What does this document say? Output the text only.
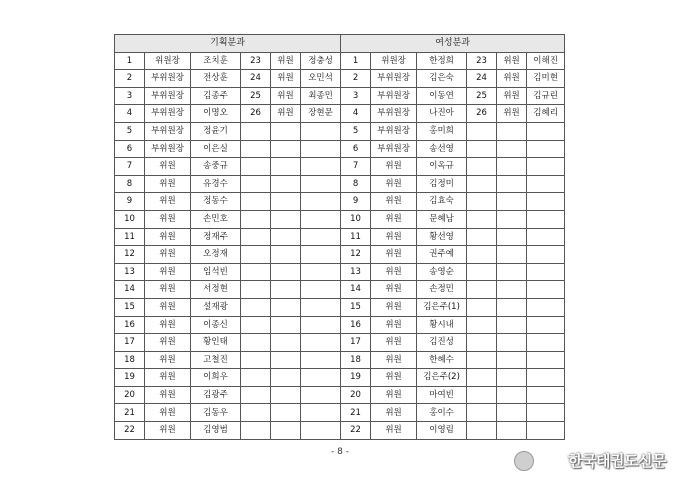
기획분과						여성분과					
1	위원장	조치훈	23	위원	정충성	1	위원장	한정희	23	위원	이해진
2	부위원장	전상훈	24	위원	오민석	2	부위원장	김은숙	24	위원	김미현
3	부위원장	김종주	25	위원	최종민	3	부위원장	이동연	25	위원	김규린
4	부위원장	이명오	26	위원	장현문	4	부위원장	나진아	26	위원	김혜리
5	부위원장	정윤기				5	부위원장	홍미희			
6	부위원장	이은실				6	부위원장	송선영			
7	위원	송중규				7	위원	이옥규			
8	위원	유경수				8	위원	김정미			
9	위원	정동수				9	위원	김효숙			
10	위원	손민호				10	위원	문혜남			
11	위원	정재주				11	위원	황선영			
12	위원	오정재				12	위원	권주예			
13	위원	임석빈				13	위원	송영순			
14	위원	서정현				14	위원	손정민			
15	위원	설재광				15	위원	김은주(1)			
16	위원	이종신				16	위원	황시내			
17	위원	황인태				17	위원	김진성			
18	위원	고철진				18	위원	한혜수			
19	위원	이희우				19	위원	김은주(2)			
20	위원	김광주				20	위원	마여빈			
21	위원	김동우				21	위원	홍이수			
22	위원	김영범				22	위원	이영림			
- 8 -	한국태권도신문
